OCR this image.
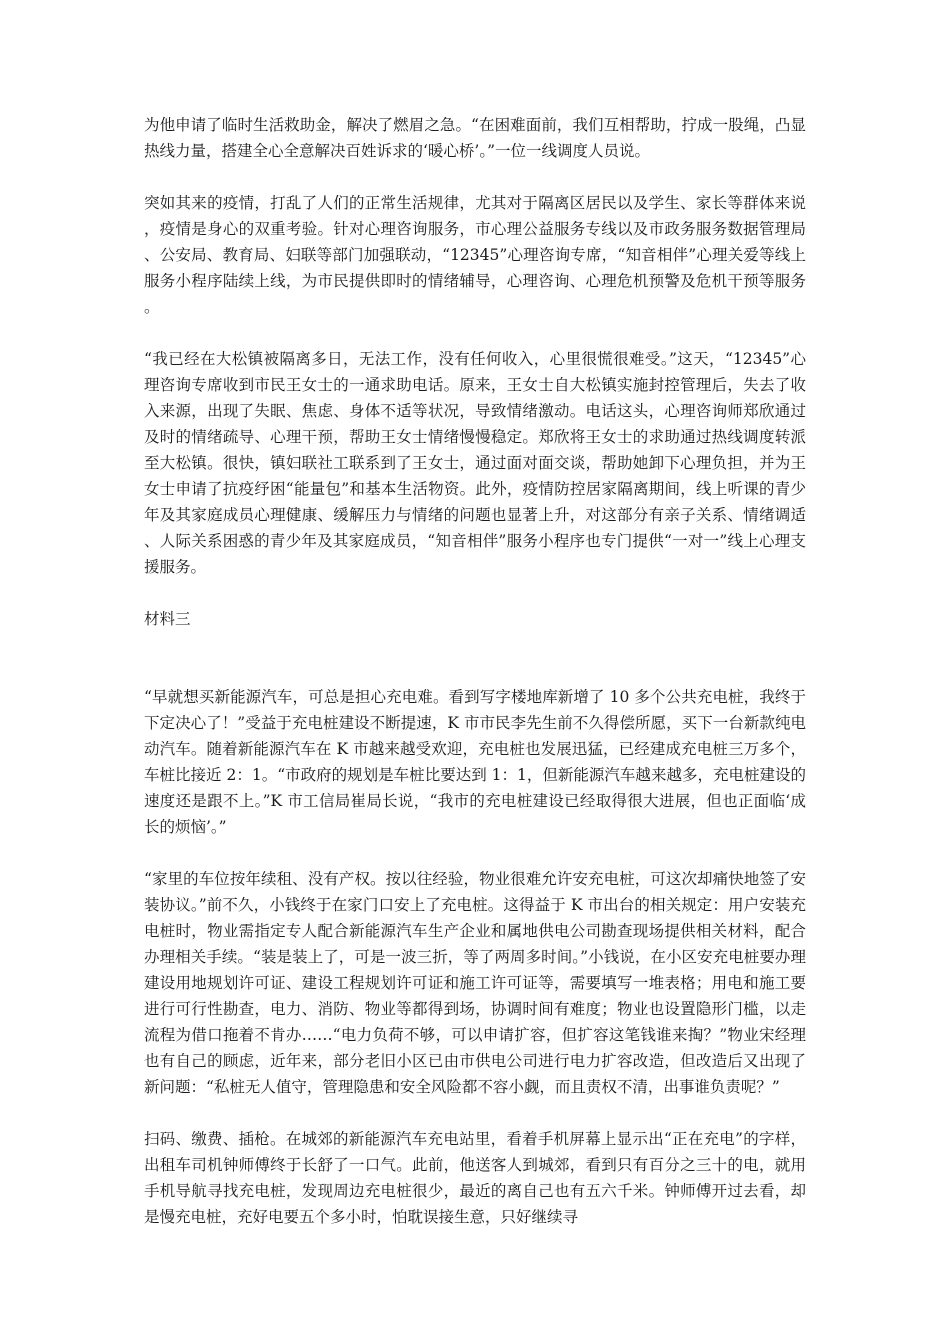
为他申请了临时生活救助金，解决了燃眉之急。“在困难面前，我们互相帮助，拧成一股绳，凸显热线力量，搭建全心全意解决百姓诉求的‘暖心桥’。”一位一线调度人员说。

突如其来的疫情，打乱了人们的正常生活规律，尤其对于隔离区居民以及学生、家长等群体来说，疫情是身心的双重考验。针对心理咨询服务，市心理公益服务专线以及市政务服务数据管理局、公安局、教育局、妇联等部门加强联动，“12345”心理咨询专席，“知音相伴”心理关爱等线上服务小程序陆续上线，为市民提供即时的情绪辅导，心理咨询、心理危机预警及危机干预等服务。

“我已经在大松镇被隔离多日，无法工作，没有任何收入，心里很慌很难受。”这天，“12345”心理咨询专席收到市民王女士的一通求助电话。原来，王女士自大松镇实施封控管理后，失去了收入来源，出现了失眠、焦虑、身体不适等状况，导致情绪激动。电话这头，心理咨询师郑欣通过及时的情绪疏导、心理干预，帮助王女士情绪慢慢稳定。郑欣将王女士的求助通过热线调度转派至大松镇。很快，镇妇联社工联系到了王女士，通过面对面交谈，帮助她卸下心理负担，并为王女士申请了抗疫纾困“能量包”和基本生活物资。此外，疫情防控居家隔离期间，线上听课的青少年及其家庭成员心理健康、缓解压力与情绪的问题也显著上升，对这部分有亲子关系、情绪调适、人际关系困惑的青少年及其家庭成员，“知音相伴”服务小程序也专门提供“一对一”线上心理支援服务。

材料三

“早就想买新能源汽车，可总是担心充电难。看到写字楼地库新增了 10 多个公共充电桩，我终于下定决心了！”受益于充电桩建设不断提速，K 市市民李先生前不久得偿所愿，买下一台新款纯电动汽车。随着新能源汽车在 K 市越来越受欢迎，充电桩也发展迅猛，已经建成充电桩三万多个，车桩比接近 2：1。“市政府的规划是车桩比要达到 1：1，但新能源汽车越来越多，充电桩建设的速度还是跟不上。”K 市工信局崔局长说，“我市的充电桩建设已经取得很大进展，但也正面临‘成长的烦恼’。”

“家里的车位按年续租、没有产权。按以往经验，物业很难允许安充电桩，可这次却痛快地签了安装协议。”前不久，小钱终于在家门口安上了充电桩。这得益于 K 市出台的相关规定：用户安装充电桩时，物业需指定专人配合新能源汽车生产企业和属地供电公司勘查现场提供相关材料，配合办理相关手续。“装是装上了，可是一波三折，等了两周多时间。”小钱说，在小区安充电桩要办理建设用地规划许可证、建设工程规划许可证和施工许可证等，需要填写一堆表格；用电和施工要进行可行性勘查，电力、消防、物业等都得到场，协调时间有难度；物业也设置隐形门槛，以走流程为借口拖着不肯办……“电力负荷不够，可以申请扩容，但扩容这笔钱谁来掏？”物业宋经理也有自己的顾虑，近年来，部分老旧小区已由市供电公司进行电力扩容改造，但改造后又出现了新问题：“私桩无人值守，管理隐患和安全风险都不容小觑，而且责权不清，出事谁负责呢？”

扫码、缴费、插枪。在城郊的新能源汽车充电站里，看着手机屏幕上显示出“正在充电”的字样，出租车司机钟师傅终于长舒了一口气。此前，他送客人到城郊，看到只有百分之三十的电，就用手机导航寻找充电桩，发现周边充电桩很少，最近的离自己也有五六千米。钟师傅开过去看，却是慢充电桩，充好电要五个多小时，怕耽误接生意，只好继续寻
